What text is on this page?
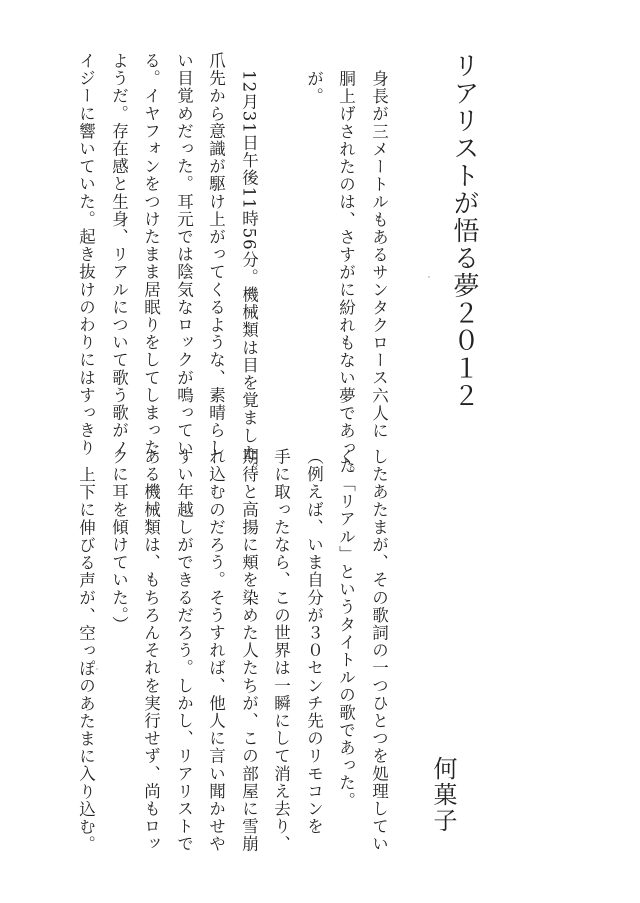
リアリストが悟る夢２０１２
身長が三メートルもあるサンタクロース六人に
胴上げされたのは、さすがに紛れもない夢であった
が。
12月31日午後11時56分。機械類は目を覚ました。
爪先から意識が駆け上がってくるような、素晴らし
い目覚めだった。耳元では陰気なロックが鳴ってい
る。イヤフォンをつけたまま居眠りをしてしまった
ようだ。存在感と生身、リアルについて歌う歌がノ
イジーに響いていた。起き抜けのわりにはすっきり
したあたまが、その歌詞の一つひとつを処理してい
く。「リアル」というタイトルの歌であった。
（例えば、いま自分が３０センチ先のリモコンを
手に取ったなら、この世界は一瞬にして消え去り、
期待と高揚に頬を染めた人たちが、この部屋に雪崩
れ込むのだろう。そうすれば、他人に言い聞かせや
すい年越しができるだろう。しかし、リアリストで
ある機械類は、もちろんそれを実行せず、尚もロッ
クに耳を傾けていた。）
上下に伸びる声が、空っぽのあたまに入り込む。	何菓子
